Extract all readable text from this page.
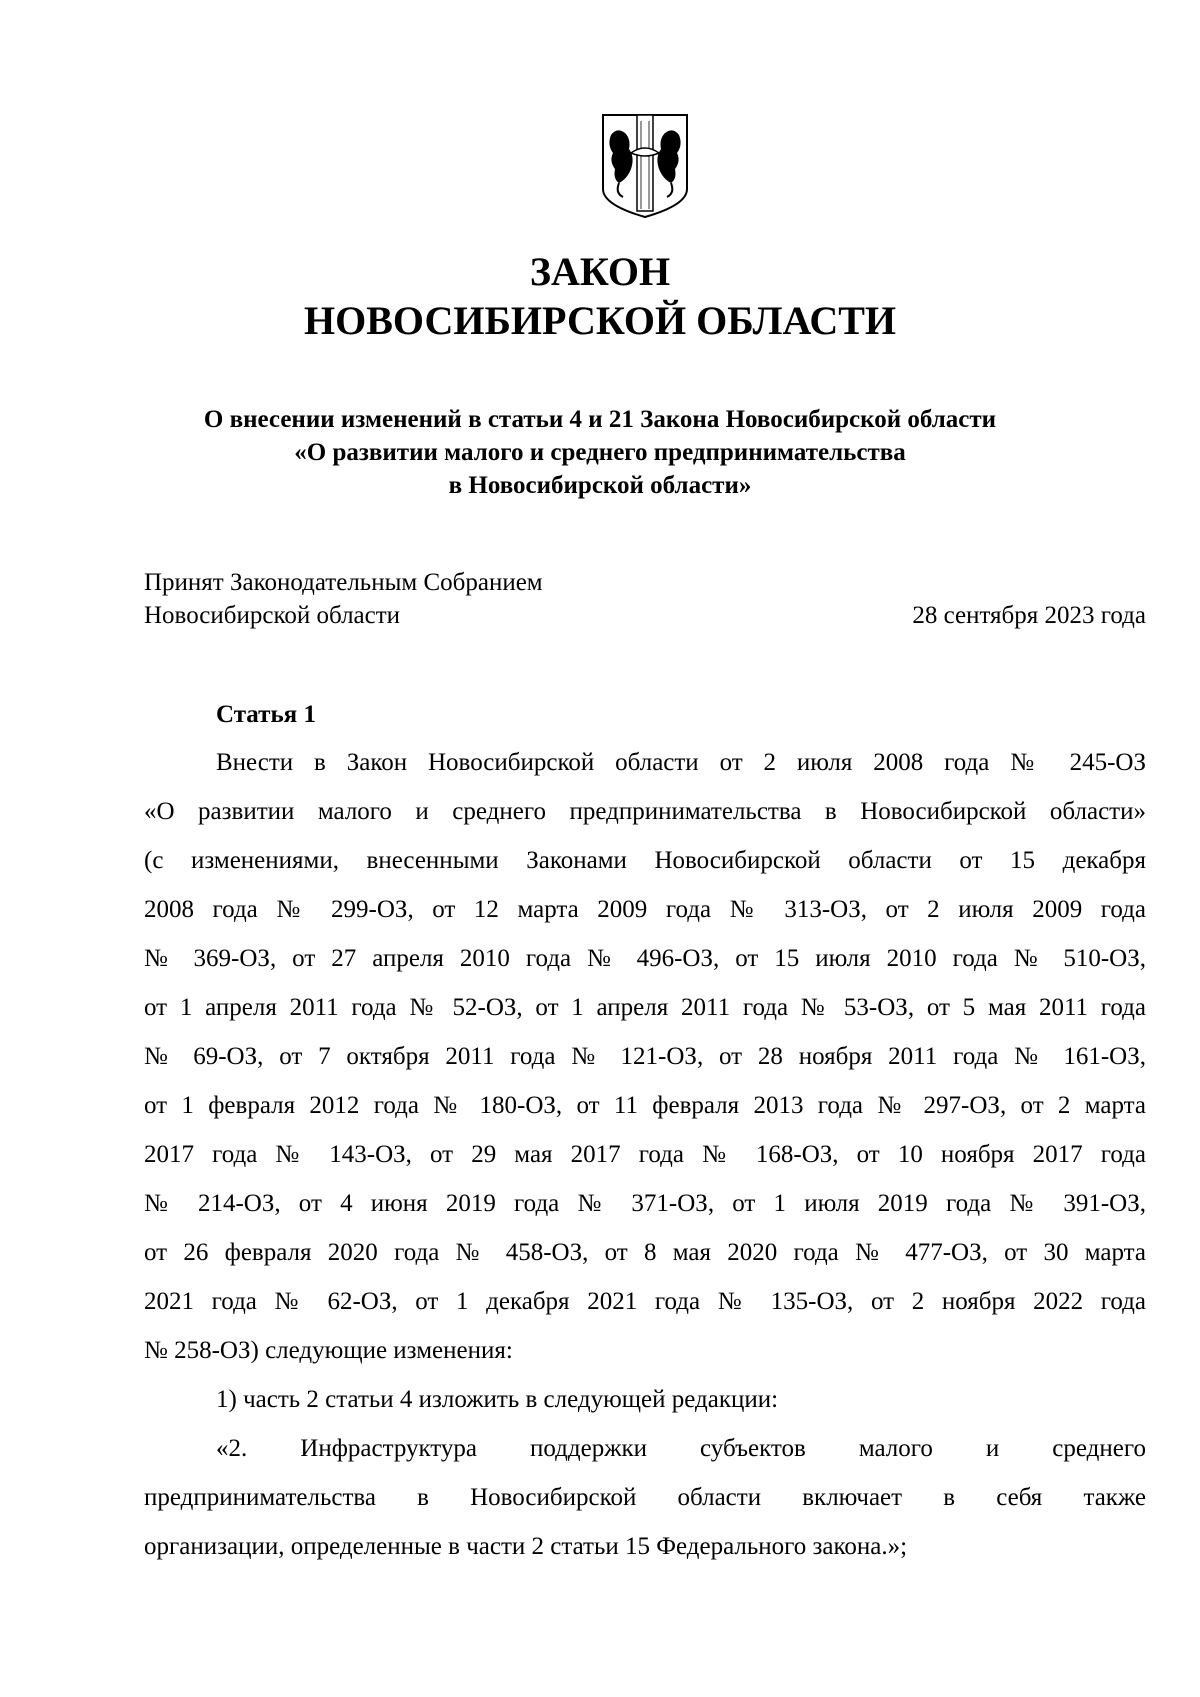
ЗАКОН
НОВОСИБИРСКОЙ ОБЛАСТИ
О внесении изменений в статьи 4 и 21 Закона Новосибирской области
«О развитии малого и среднего предпринимательства
в Новосибирской области»
Принят Законодательным Собранием
Новосибирской области	28 сентября 2023 года
Статья 1
Внести в Закон Новосибирской области от 2 июля 2008 года № 245-ОЗ
«О развитии малого и среднего предпринимательства в Новосибирской области»
(с изменениями, внесенными Законами Новосибирской области от 15 декабря
2008 года № 299-ОЗ, от 12 марта 2009 года № 313-ОЗ, от 2 июля 2009 года
№ 369-ОЗ, от 27 апреля 2010 года № 496-ОЗ, от 15 июля 2010 года № 510-ОЗ,
от 1 апреля 2011 года № 52-ОЗ, от 1 апреля 2011 года № 53-ОЗ, от 5 мая 2011 года
№ 69-ОЗ, от 7 октября 2011 года № 121-ОЗ, от 28 ноября 2011 года № 161-ОЗ,
от 1 февраля 2012 года № 180-ОЗ, от 11 февраля 2013 года № 297-ОЗ, от 2 марта
2017 года № 143-ОЗ, от 29 мая 2017 года № 168-ОЗ, от 10 ноября 2017 года
№ 214-ОЗ, от 4 июня 2019 года № 371-ОЗ, от 1 июля 2019 года № 391-ОЗ,
от 26 февраля 2020 года № 458-ОЗ, от 8 мая 2020 года № 477-ОЗ, от 30 марта
2021 года № 62-ОЗ, от 1 декабря 2021 года № 135-ОЗ, от 2 ноября 2022 года
№ 258-ОЗ) следующие изменения:
1) часть 2 статьи 4 изложить в следующей редакции:
«2. Инфраструктура поддержки субъектов малого и среднего
предпринимательства в Новосибирской области включает в себя также
организации, определенные в части 2 статьи 15 Федерального закона.»;
